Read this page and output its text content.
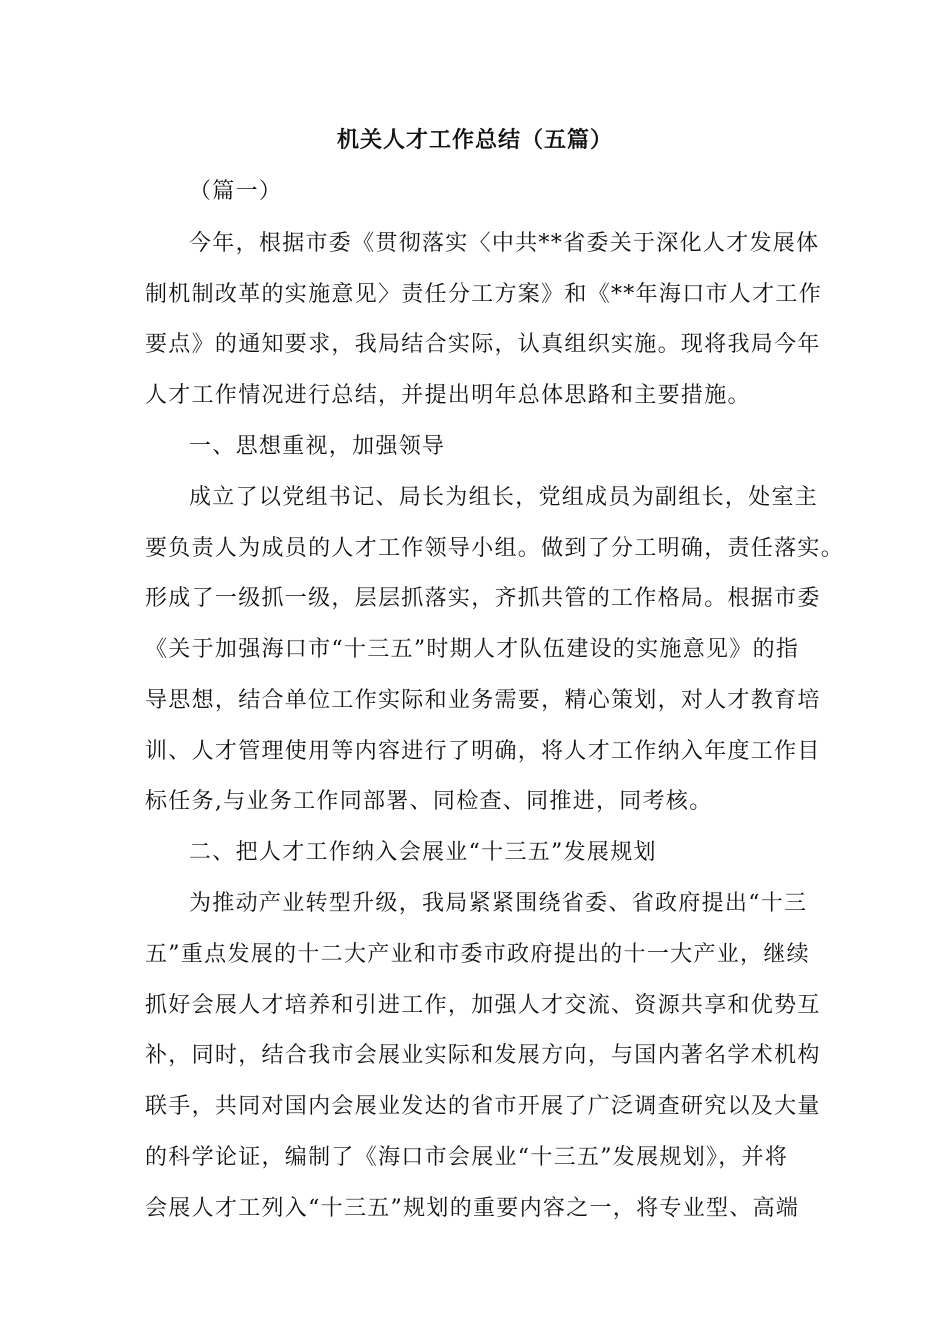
机关人才工作总结（五篇）
（篇一）
今年，根据市委《贯彻落实〈中共**省委关于深化人才发展体
制机制改革的实施意见〉责任分工方案》和《**年海口市人才工作
要点》的通知要求，我局结合实际，认真组织实施。现将我局今年
人才工作情况进行总结，并提出明年总体思路和主要措施。
一、思想重视，加强领导
成立了以党组书记、局长为组长，党组成员为副组长，处室主
要负责人为成员的人才工作领导小组。做到了分工明确，责任落实。
形成了一级抓一级，层层抓落实，齐抓共管的工作格局。根据市委
《关于加强海口市“十三五”时期人才队伍建设的实施意见》的指
导思想，结合单位工作实际和业务需要，精心策划，对人才教育培
训、人才管理使用等内容进行了明确，将人才工作纳入年度工作目
标任务,与业务工作同部署、同检查、同推进，同考核。
二、把人才工作纳入会展业“十三五”发展规划
为推动产业转型升级，我局紧紧围绕省委、省政府提出“十三
五”重点发展的十二大产业和市委市政府提出的十一大产业，继续
抓好会展人才培养和引进工作，加强人才交流、资源共享和优势互
补，同时，结合我市会展业实际和发展方向，与国内著名学术机构
联手，共同对国内会展业发达的省市开展了广泛调查研究以及大量
的科学论证，编制了《海口市会展业“十三五”发展规划》，并将
会展人才工列入“十三五”规划的重要内容之一，将专业型、高端
